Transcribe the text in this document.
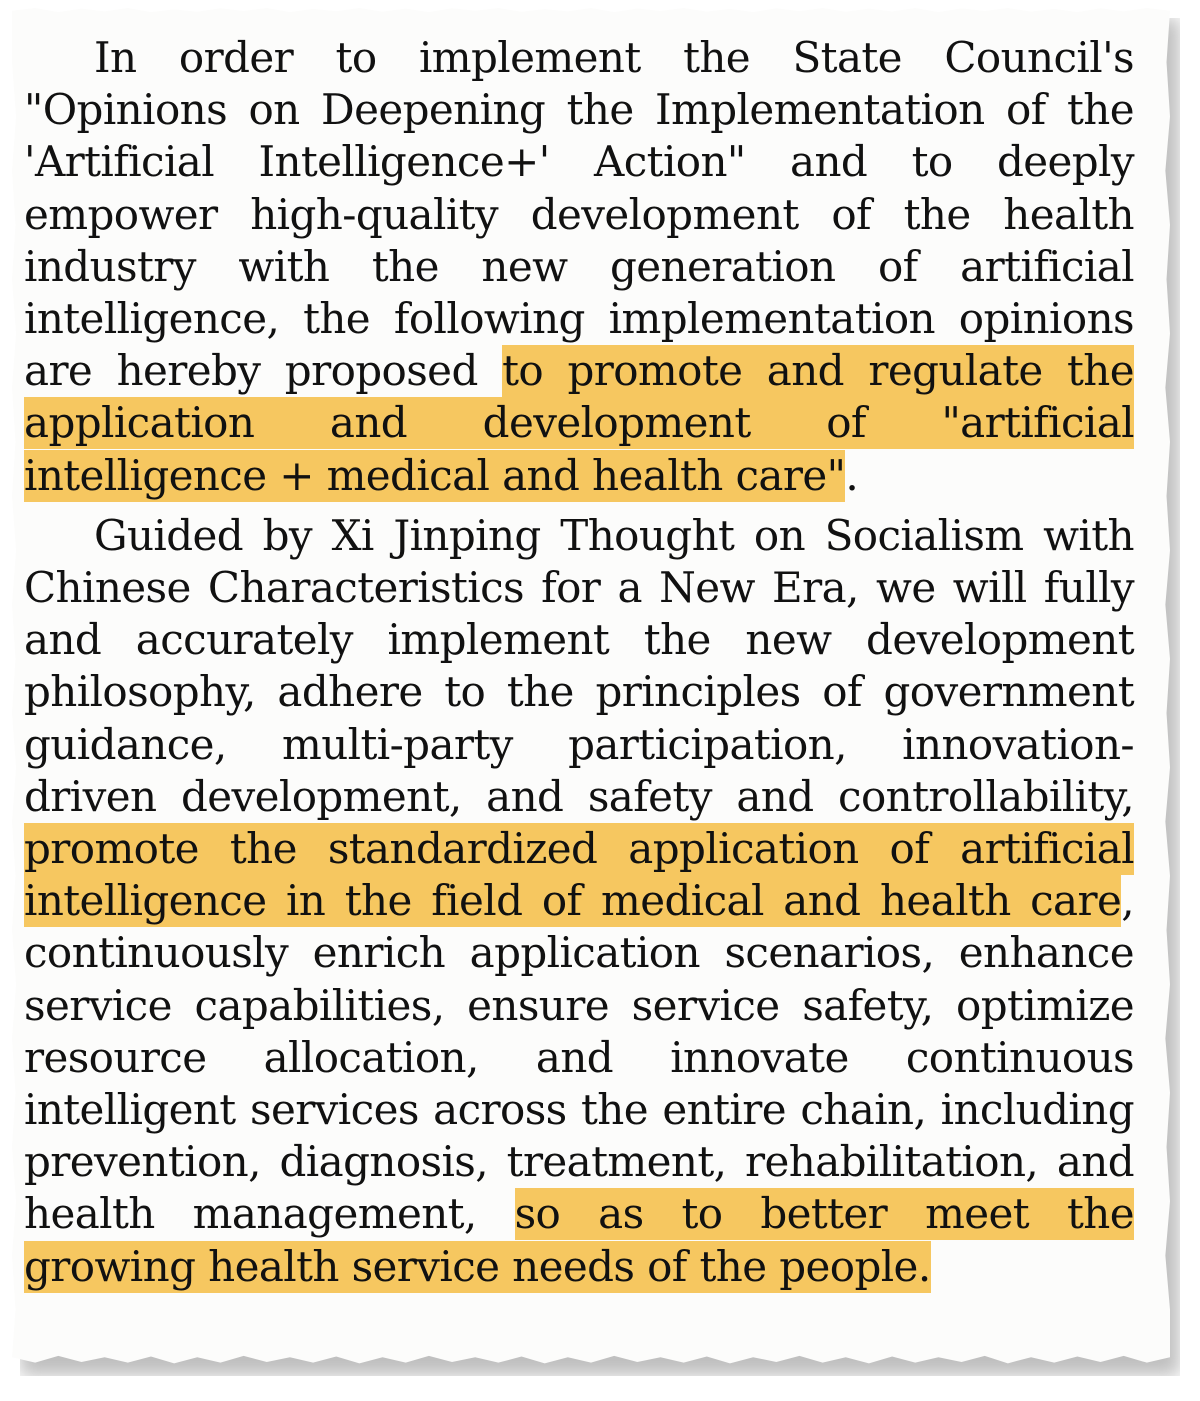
In order to implement the State Council's "Opinions on Deepening the Implementation of the 'Artificial Intelligence+' Action" and to deeply empower high-quality development of the health industry with the new generation of artificial intelligence, the following implementation opinions are hereby proposed to promote and regulate the application and development of "artificial intelligence + medical and health care".

Guided by Xi Jinping Thought on Socialism with Chinese Characteristics for a New Era, we will fully and accurately implement the new development philosophy, adhere to the principles of government guidance, multi-party participation, innovation-driven development, and safety and controllability, promote the standardized application of artificial intelligence in the field of medical and health care, continuously enrich application scenarios, enhance service capabilities, ensure service safety, optimize resource allocation, and innovate continuous intelligent services across the entire chain, including prevention, diagnosis, treatment, rehabilitation, and health management, so as to better meet the growing health service needs of the people.
